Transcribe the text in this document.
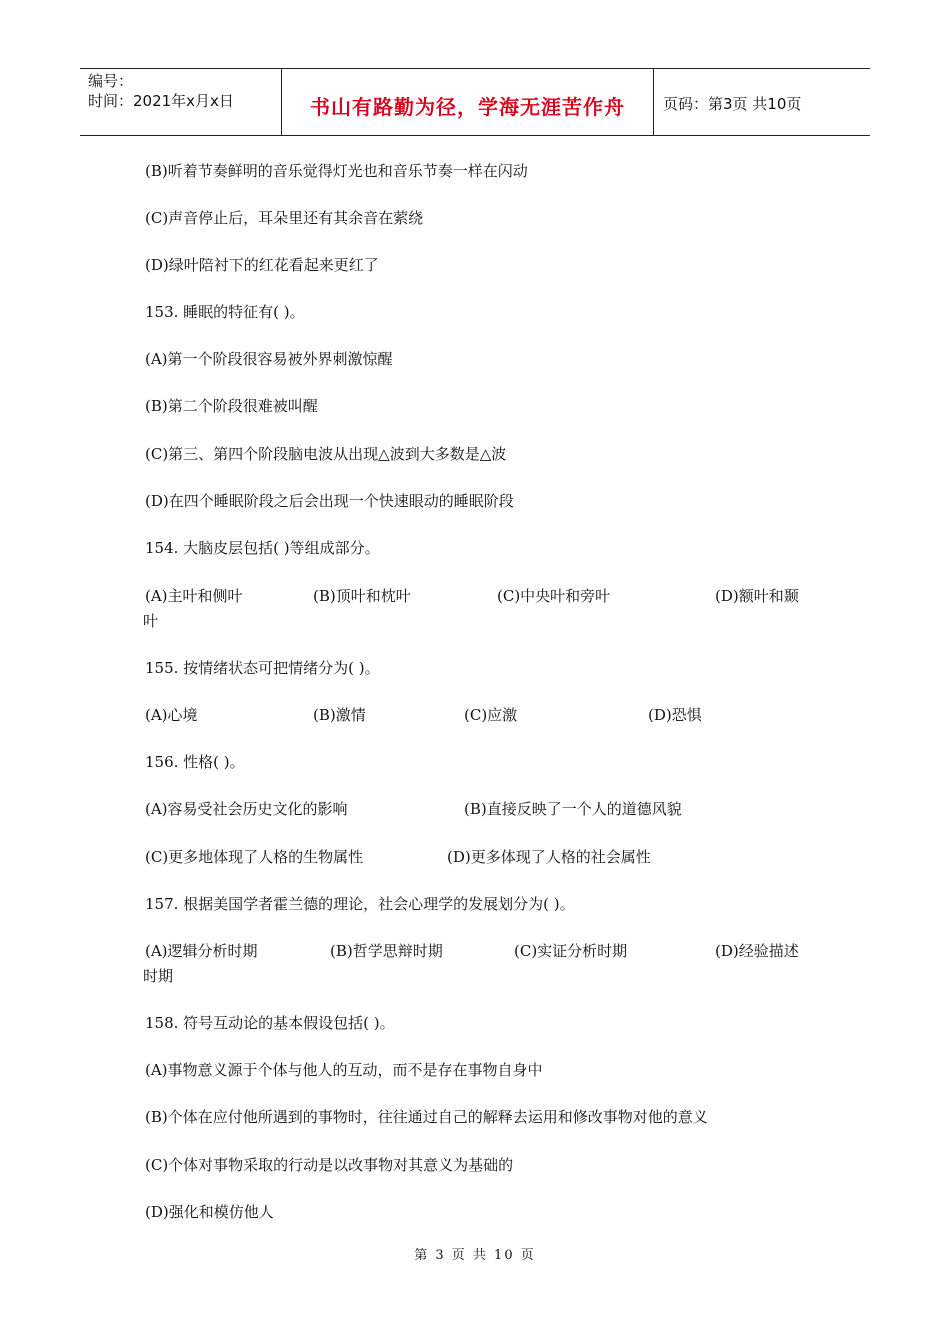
编号：
时间：2021年x月x日	书山有路勤为径，学海无涯苦作舟	页码：第3页 共10页
(B)听着节奏鲜明的音乐觉得灯光也和音乐节奏一样在闪动
(C)声音停止后，耳朵里还有其余音在萦绕
(D)绿叶陪衬下的红花看起来更红了
153. 睡眠的特征有( )。
(A)第一个阶段很容易被外界刺激惊醒
(B)第二个阶段很难被叫醒
(C)第三、第四个阶段脑电波从出现△波到大多数是△波
(D)在四个睡眠阶段之后会出现一个快速眼动的睡眠阶段
154. 大脑皮层包括( )等组成部分。
(A)主叶和侧叶	(B)顶叶和枕叶	(C)中央叶和旁叶	(D)额叶和颞
叶
155. 按情绪状态可把情绪分为( )。
(A)心境	(B)激情	(C)应激	(D)恐惧
156. 性格( )。
(A)容易受社会历史文化的影响	(B)直接反映了一个人的道德风貌
(C)更多地体现了人格的生物属性	(D)更多体现了人格的社会属性
157. 根据美国学者霍兰德的理论，社会心理学的发展划分为( )。
(A)逻辑分析时期	(B)哲学思辩时期	(C)实证分析时期	(D)经验描述
时期
158. 符号互动论的基本假设包括( )。
(A)事物意义源于个体与他人的互动，而不是存在事物自身中
(B)个体在应付他所遇到的事物时，往往通过自己的解释去运用和修改事物对他的意义
(C)个体对事物采取的行动是以改事物对其意义为基础的
(D)强化和模仿他人
第 3 页 共 10 页
